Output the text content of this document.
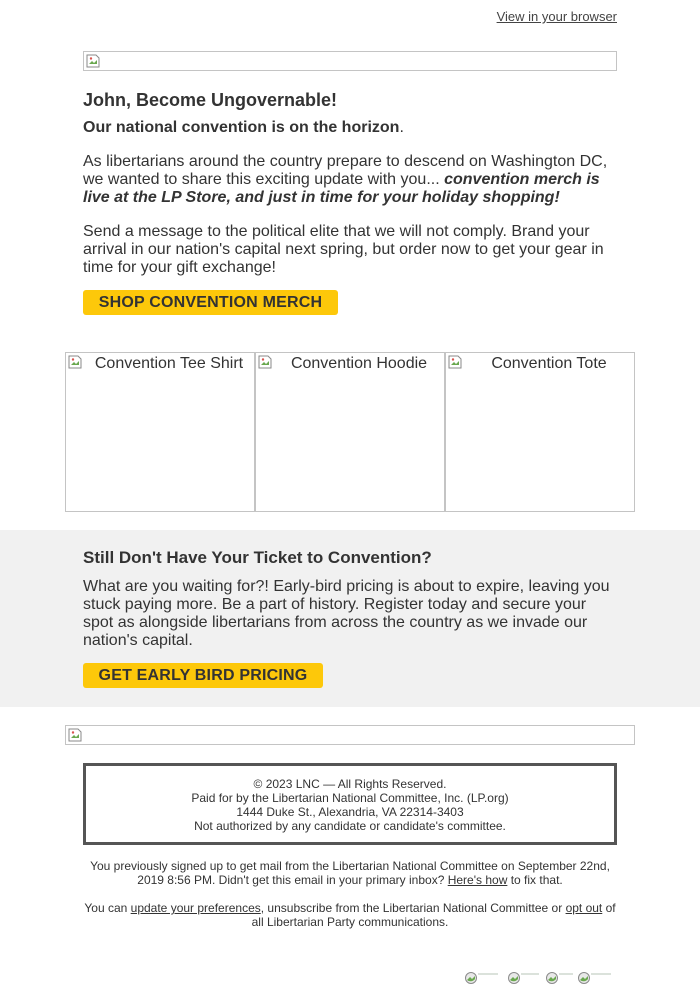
View in your browser

John, Become Ungovernable!

Our national convention is on the horizon.

As libertarians around the country prepare to descend on Washington DC, we wanted to share this exciting update with you... convention merch is live at the LP Store, and just in time for your holiday shopping!

Send a message to the political elite that we will not comply. Brand your arrival in our nation's capital next spring, but order now to get your gear in time for your gift exchange!

SHOP CONVENTION MERCH
Convention Tee Shirt	Convention Hoodie	Convention Tote

Still Don't Have Your Ticket to Convention?

What are you waiting for?! Early-bird pricing is about to expire, leaving you stuck paying more. Be a part of history. Register today and secure your spot as alongside libertarians from across the country as we invade our nation's capital.

GET EARLY BIRD PRICING
© 2023 LNC — All Rights Reserved.
Paid for by the Libertarian National Committee, Inc. (LP.org)
1444 Duke St., Alexandria, VA 22314-3403
Not authorized by any candidate or candidate's committee.
You previously signed up to get mail from the Libertarian National Committee on September 22nd, 2019 8:56 PM. Didn't get this email in your primary inbox? Here's how to fix that.
You can update your preferences, unsubscribe from the Libertarian National Committee or opt out of all Libertarian Party communications.
